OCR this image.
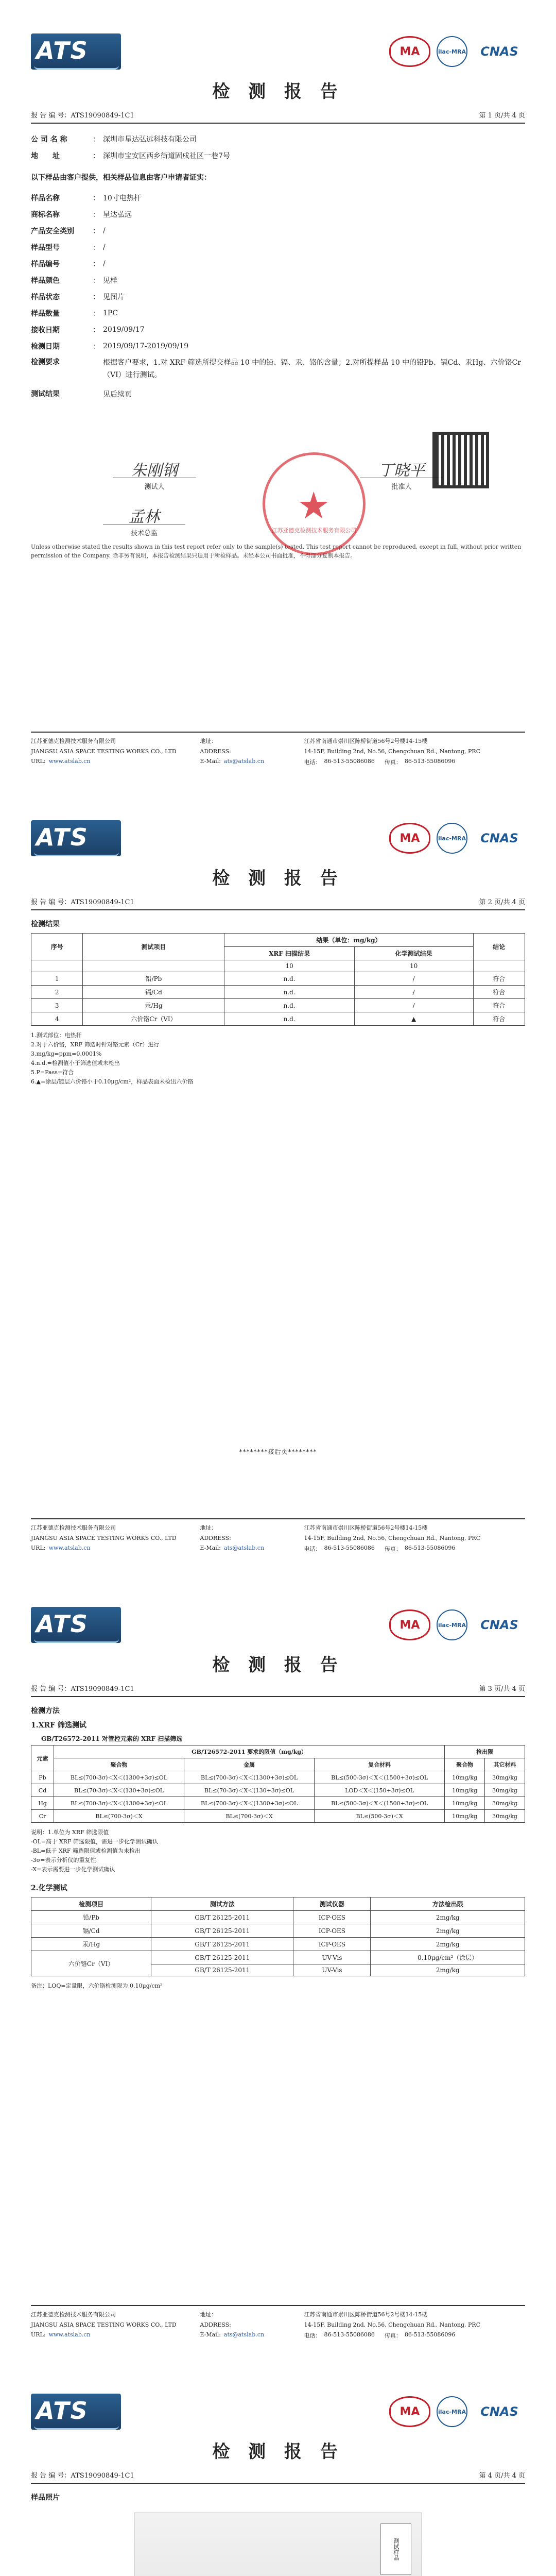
ATS	MA	ilac-MRA	CNAS
检 测 报 告
报 告 编 号：ATS19090849-1C1	第 1 页/共 4 页
公 司 名 称	： 深圳市星达弘远科技有限公司
地　　址	： 深圳市宝安区西乡街道固戍社区一巷7号
以下样品由客户提供，相关样品信息由客户申请者证实：
样品名称	： 10寸电热杆
商标名称	： 星达弘远
产品安全类别	： /
样品型号	： /
样品编号	： /
样品颜色	： 见样
样品状态	： 见图片
样品数量	： 1PC
接收日期	： 2019/09/17
检测日期	： 2019/09/17-2019/09/19
检测要求	根据客户要求，1.对 XRF 筛选所提交样品 10 中的铅、镉、汞、铬的含量；2.对所提样品 10 中的铅Pb、镉Cd、汞Hg、六价铬Cr（VI）进行测试。
测试结果	见后续页
朱刚钢
测试人
丁晓平
批准人
★
江苏亚德克检测技术服务有限公司
孟林
技术总监
Unless otherwise stated the results shown in this test report refer only to the sample(s) tested. This test report cannot be reproduced, except in full, without prior written permission of the Company. 除非另有说明，本报告检测结果只适用于所检样品。未经本公司书面批准，不得部分复制本报告。
江苏亚德克检测技术服务有限公司	地址：	江苏省南通市崇川区陈桥街道56号2号楼14-15楼
JIANGSU ASIA SPACE TESTING WORKS CO., LTD	ADDRESS:	14-15F, Building 2nd, No.56, Chengchuan Rd., Nantong, PRC
URL: www.atslab.cn	E-Mail: ats@atslab.cn	电话： 86-513-55086086
传真： 86-513-55086096
ATS	MA	ilac-MRA	CNAS
检 测 报 告
报 告 编 号：ATS19090849-1C1	第 2 页/共 4 页
检测结果
序号	测试项目	结果（单位：mg/kg）		结论
		XRF 扫描结果	化学测试结果	
		10	10	
1	铅/Pb	n.d.	/	符合
2	镉/Cd	n.d.	/	符合
3	汞/Hg	n.d.	/	符合
4	六价铬Cr（VI）	n.d.	▲	符合
1.测试部位：电热杆
2.对于六价铬，XRF 筛选时针对铬元素（Cr）进行
3.mg/kg=ppm=0.0001%
4.n.d.=检测值小于筛选值或未检出
5.P=Pass=符合
6.▲=涂层/镀层六价铬小于0.10μg/cm²，样品表面未检出六价铬
********接后页********
江苏亚德克检测技术服务有限公司	地址：	江苏省南通市崇川区陈桥街道56号2号楼14-15楼
JIANGSU ASIA SPACE TESTING WORKS CO., LTD	ADDRESS:	14-15F, Building 2nd, No.56, Chengchuan Rd., Nantong, PRC
URL: www.atslab.cn	E-Mail: ats@atslab.cn	电话： 86-513-55086086
传真： 86-513-55086096
ATS	MA	ilac-MRA	CNAS
检 测 报 告
报 告 编 号：ATS19090849-1C1	第 3 页/共 4 页
检测方法
1.XRF 筛选测试
GB/T26572-2011 对管控元素的 XRF 扫描筛选
元素	GB/T26572-2011 要求的限值（mg/kg）			检出限	
	聚合物	金属	复合材料	聚合物	其它材料
Pb	BL≤(700-3σ)＜X＜(1300+3σ)≤OL	BL≤(700-3σ)＜X＜(1300+3σ)≤OL	BL≤(500-3σ)＜X＜(1500+3σ)≤OL	10mg/kg	30mg/kg
Cd	BL≤(70-3σ)＜X＜(130+3σ)≤OL	BL≤(70-3σ)＜X＜(130+3σ)≤OL	LOD＜X＜(150+3σ)≤OL	10mg/kg	30mg/kg
Hg	BL≤(700-3σ)＜X＜(1300+3σ)≤OL	BL≤(700-3σ)＜X＜(1300+3σ)≤OL	BL≤(500-3σ)＜X＜(1500+3σ)≤OL	10mg/kg	30mg/kg
Cr	BL≤(700-3σ)＜X	BL≤(700-3σ)＜X	BL≤(500-3σ)＜X	10mg/kg	30mg/kg
说明：1.单位为 XRF 筛选限值
-OL=高于 XRF 筛选限值，需进一步化学测试确认
-BL=低于 XRF 筛选限值或检测值为未检出
-3σ=表示分析仪的重复性
-X=表示需要进一步化学测试确认
2.化学测试
检测项目	测试方法	测试仪器	方法检出限
铅/Pb	GB/T 26125-2011	ICP-OES	2mg/kg
镉/Cd	GB/T 26125-2011	ICP-OES	2mg/kg
汞/Hg	GB/T 26125-2011	ICP-OES	2mg/kg
六价铬Cr（VI）	GB/T 26125-2011	UV-Vis	0.10μg/cm²（涂层）
	GB/T 26125-2011	UV-Vis	2mg/kg
备注：LOQ=定量限，六价铬检测限为 0.10μg/cm²
江苏亚德克检测技术服务有限公司	地址：	江苏省南通市崇川区陈桥街道56号2号楼14-15楼
JIANGSU ASIA SPACE TESTING WORKS CO., LTD	ADDRESS:	14-15F, Building 2nd, No.56, Chengchuan Rd., Nantong, PRC
URL: www.atslab.cn	E-Mail: ats@atslab.cn	电话： 86-513-55086086
传真： 86-513-55086096
ATS	MA	ilac-MRA	CNAS
检 测 报 告
报 告 编 号：ATS19090849-1C1	第 4 页/共 4 页
样品照片
测试样品
